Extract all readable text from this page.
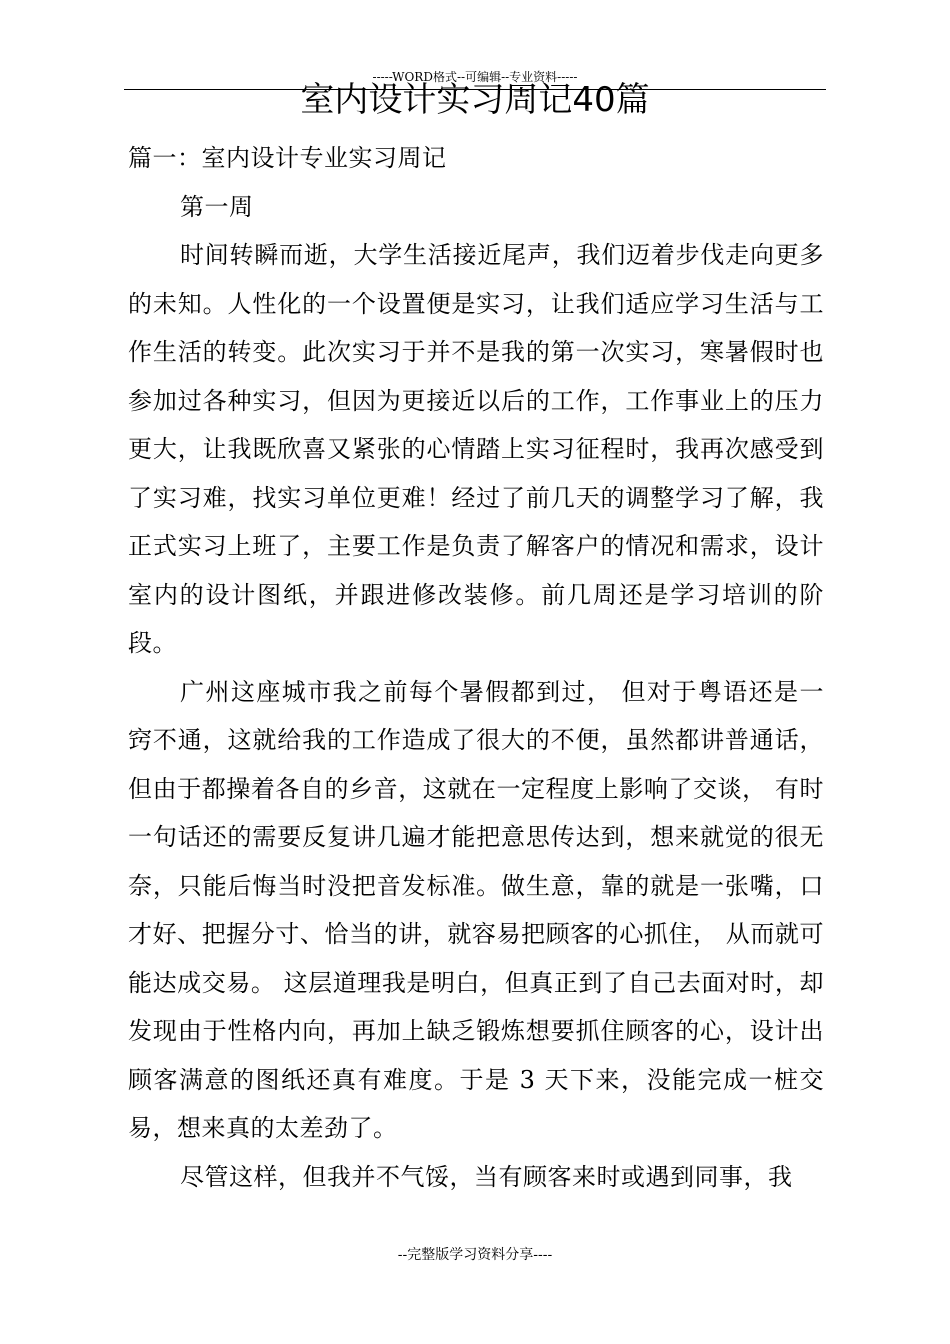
-----WORD格式--可编辑--专业资料-----
室内设计实习周记40篇

篇一：室内设计专业实习周记

第一周

时间转瞬而逝，大学生活接近尾声，我们迈着步伐走向更多的未知。人性化的一个设置便是实习，让我们适应学习生活与工作生活的转变。此次实习于并不是我的第一次实习，寒暑假时也参加过各种实习，但因为更接近以后的工作，工作事业上的压力更大，让我既欣喜又紧张的心情踏上实习征程时，我再次感受到了实习难，找实习单位更难！经过了前几天的调整学习了解，我正式实习上班了，主要工作是负责了解客户的情况和需求，设计室内的设计图纸，并跟进修改装修。前几周还是学习培训的阶段。

广州这座城市我之前每个暑假都到过， 但对于粤语还是一窍不通，这就给我的工作造成了很大的不便，虽然都讲普通话，但由于都操着各自的乡音，这就在一定程度上影响了交谈， 有时一句话还的需要反复讲几遍才能把意思传达到，想来就觉的很无奈，只能后悔当时没把音发标准。做生意，靠的就是一张嘴，口才好、把握分寸、恰当的讲，就容易把顾客的心抓住， 从而就可能达成交易。 这层道理我是明白，但真正到了自己去面对时，却发现由于性格内向，再加上缺乏锻炼想要抓住顾客的心，设计出顾客满意的图纸还真有难度。于是 3 天下来，没能完成一桩交易，想来真的太差劲了。

尽管这样，但我并不气馁，当有顾客来时或遇到同事，我

--完整版学习资料分享----
